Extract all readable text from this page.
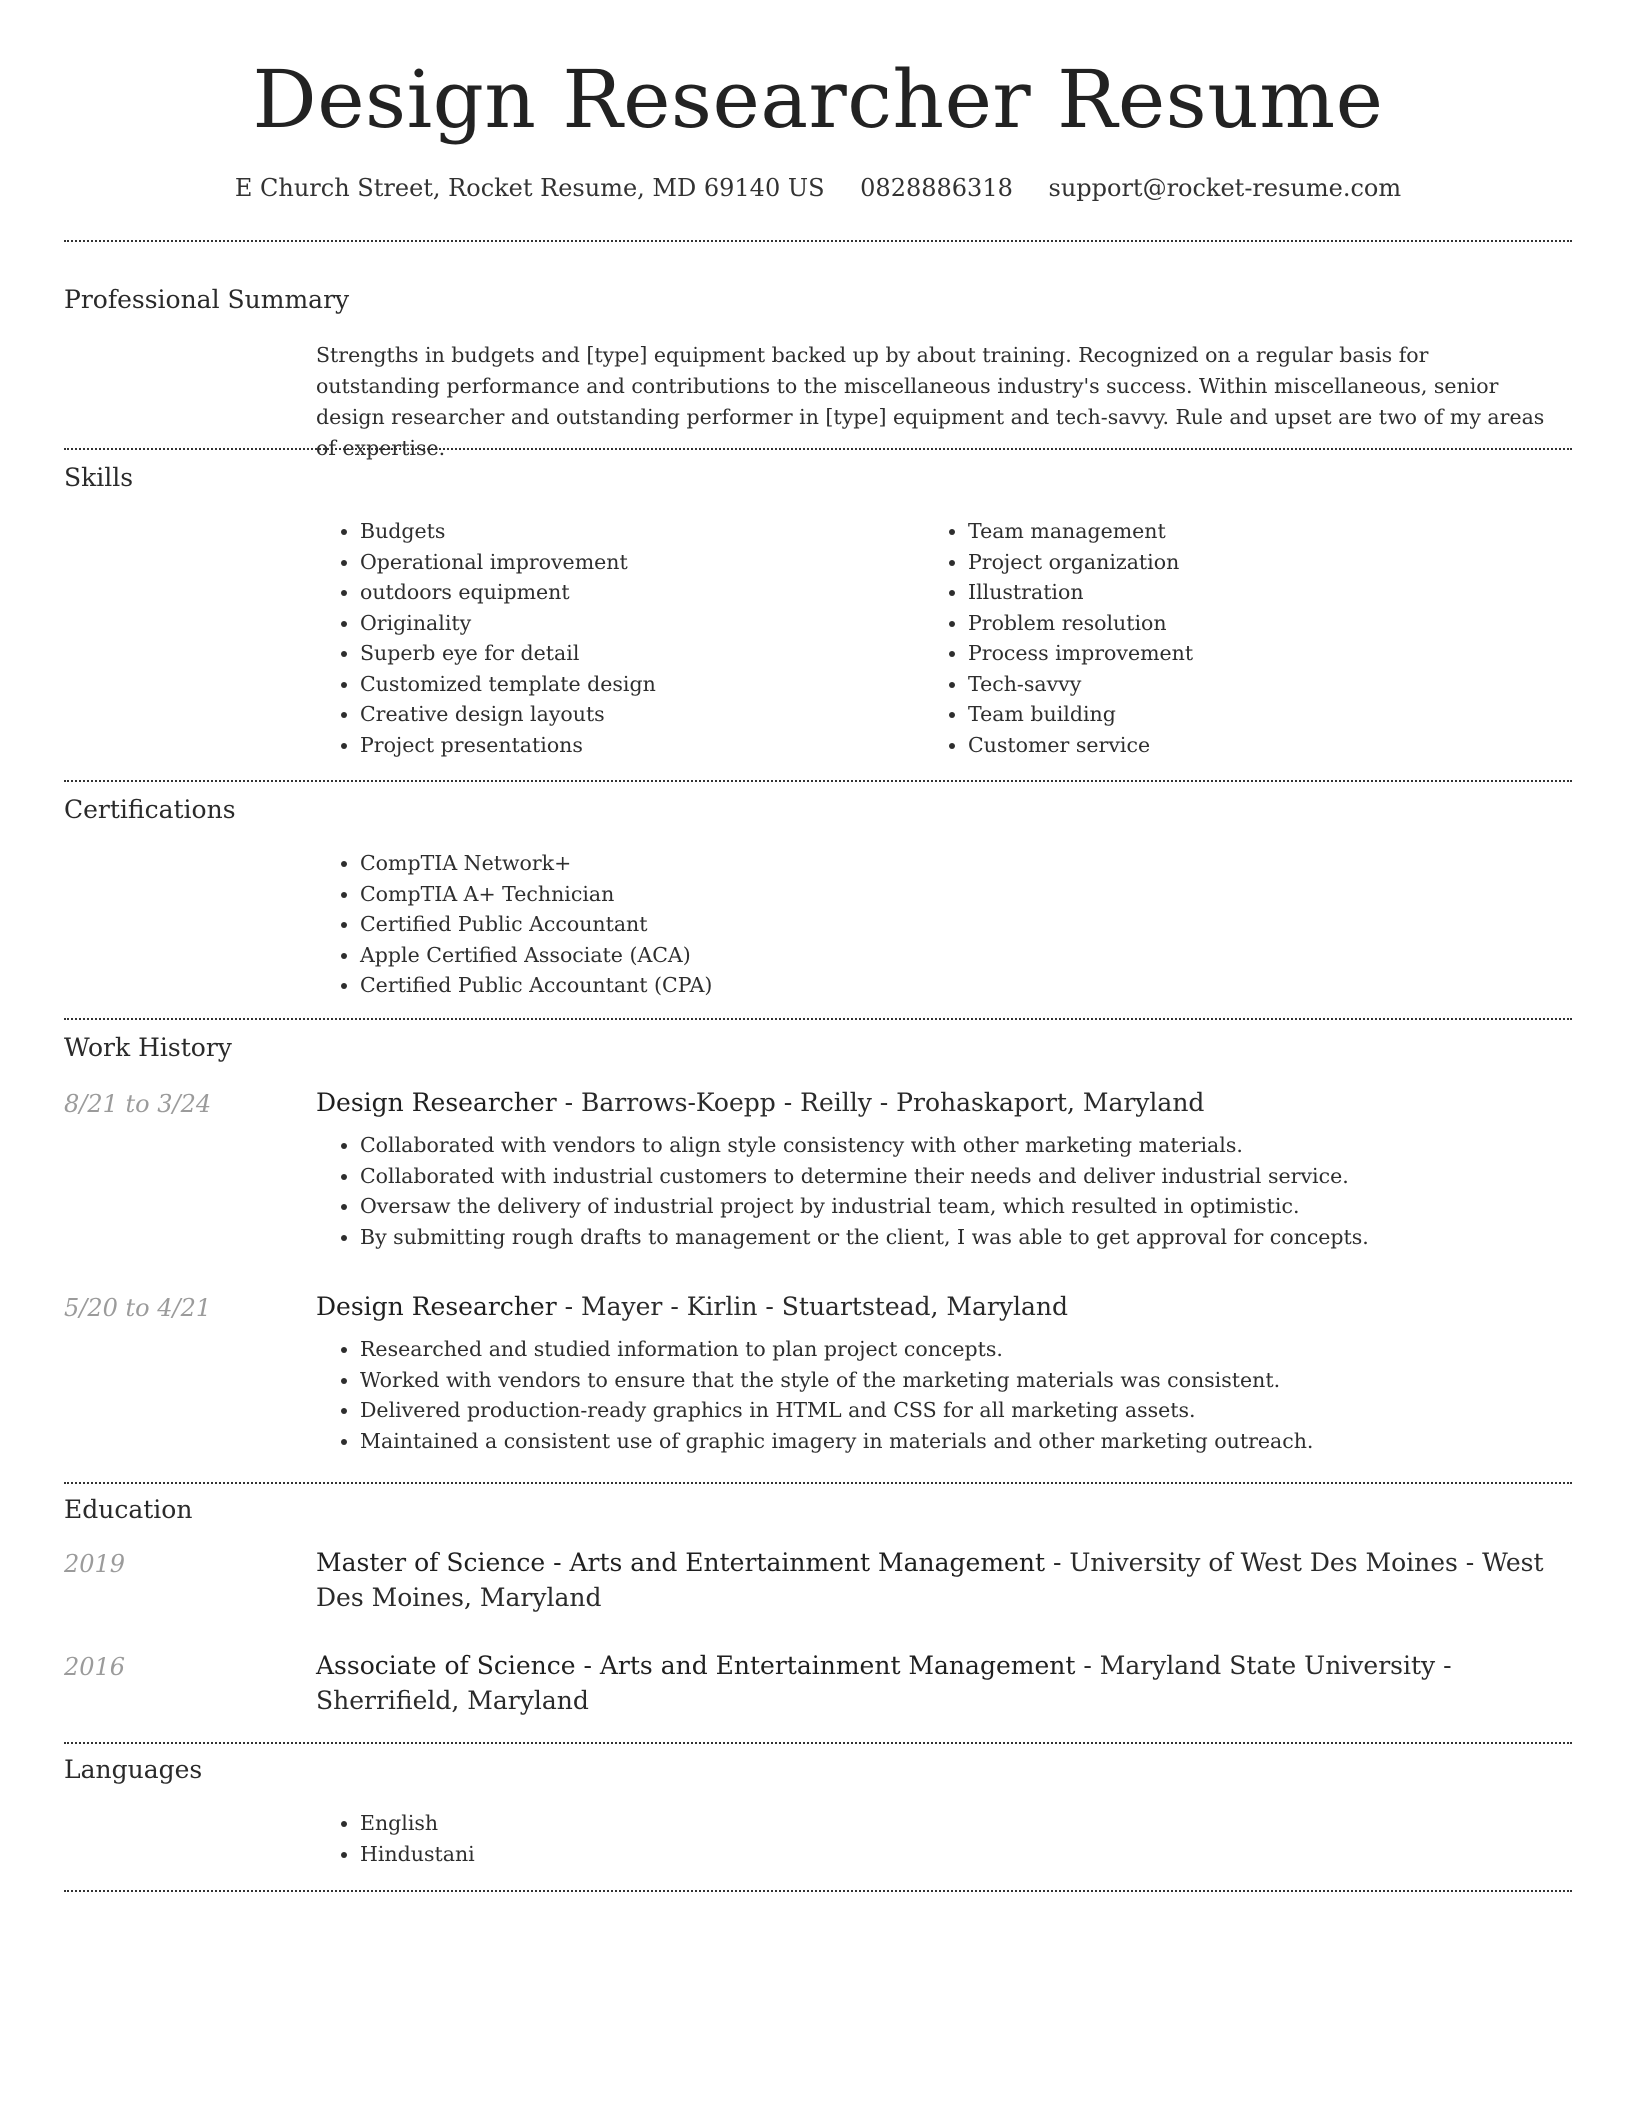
Design Researcher Resume
E Church Street, Rocket Resume, MD 69140 US 0828886318 support@rocket-resume.com
Professional Summary

Strengths in budgets and [type] equipment backed up by about training. Recognized on a regular basis for outstanding performance and contributions to the miscellaneous industry's success. Within miscellaneous, senior design researcher and outstanding performer in [type] equipment and tech-savvy. Rule and upset are two of my areas of expertise.

Skills
• Budgets
• Operational improvement
• outdoors equipment
• Originality
• Superb eye for detail
• Customized template design
• Creative design layouts
• Project presentations
• Team management
• Project organization
• Illustration
• Problem resolution
• Process improvement
• Tech-savvy
• Team building
• Customer service
Certifications
• CompTIA Network+
• CompTIA A+ Technician
• Certified Public Accountant
• Apple Certified Associate (ACA)
• Certified Public Accountant (CPA)
Work History
8/21 to 3/24	Design Researcher - Barrows-Koepp - Reilly - Prohaskaport, Maryland

• Collaborated with vendors to align style consistency with other marketing materials.
• Collaborated with industrial customers to determine their needs and deliver industrial service.
• Oversaw the delivery of industrial project by industrial team, which resulted in optimistic.
• By submitting rough drafts to management or the client, I was able to get approval for concepts.
5/20 to 4/21	Design Researcher - Mayer - Kirlin - Stuartstead, Maryland

• Researched and studied information to plan project concepts.
• Worked with vendors to ensure that the style of the marketing materials was consistent.
• Delivered production-ready graphics in HTML and CSS for all marketing assets.
• Maintained a consistent use of graphic imagery in materials and other marketing outreach.
Education
2019	Master of Science - Arts and Entertainment Management - University of West Des Moines - West Des Moines, Maryland

2016	Associate of Science - Arts and Entertainment Management - Maryland State University - Sherrifield, Maryland

Languages
• English
• Hindustani
